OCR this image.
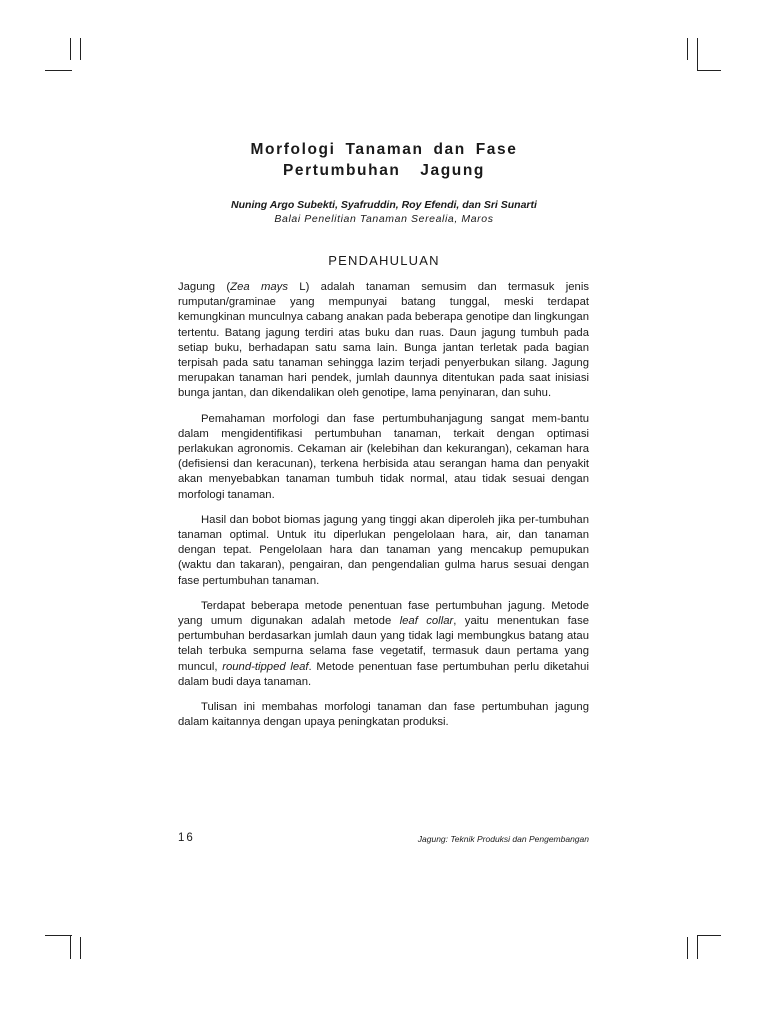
Morfologi Tanaman dan Fase
Pertumbuhan  Jagung
Nuning Argo Subekti, Syafruddin, Roy Efendi, dan Sri Sunarti
Balai Penelitian Tanaman Serealia, Maros
PENDAHULUAN

Jagung (Zea mays L) adalah tanaman semusim dan termasuk jenis rumputan/graminae yang mempunyai batang tunggal, meski terdapat kemungkinan munculnya cabang anakan pada beberapa genotipe dan lingkungan tertentu. Batang jagung terdiri atas buku dan ruas. Daun jagung tumbuh pada setiap buku, berhadapan satu sama lain. Bunga jantan terletak pada bagian terpisah pada satu tanaman sehingga lazim terjadi penyerbukan silang. Jagung merupakan tanaman hari pendek, jumlah daunnya ditentukan pada saat inisiasi bunga jantan, dan dikendalikan oleh genotipe, lama penyinaran, dan suhu.

Pemahaman morfologi dan fase pertumbuhanjagung sangat mem-bantu dalam mengidentifikasi pertumbuhan tanaman, terkait dengan optimasi perlakukan agronomis. Cekaman air (kelebihan dan kekurangan), cekaman hara (defisiensi dan keracunan), terkena herbisida atau serangan hama dan penyakit akan menyebabkan tanaman tumbuh tidak normal, atau tidak sesuai dengan morfologi tanaman.

Hasil dan bobot biomas jagung yang tinggi akan diperoleh jika per-tumbuhan tanaman optimal. Untuk itu diperlukan pengelolaan hara, air, dan tanaman dengan tepat. Pengelolaan hara dan tanaman yang mencakup pemupukan (waktu dan takaran), pengairan, dan pengendalian gulma harus sesuai dengan fase pertumbuhan tanaman.

Terdapat beberapa metode penentuan fase pertumbuhan jagung. Metode yang umum digunakan adalah metode leaf collar, yaitu menentukan fase pertumbuhan berdasarkan jumlah daun yang tidak lagi membungkus batang atau telah terbuka sempurna selama fase vegetatif, termasuk daun pertama yang muncul, round-tipped leaf. Metode penentuan fase pertumbuhan perlu diketahui dalam budi daya tanaman.

Tulisan ini membahas morfologi tanaman dan fase pertumbuhan jagung dalam kaitannya dengan upaya peningkatan produksi.

16	Jagung: Teknik Produksi dan Pengembangan
